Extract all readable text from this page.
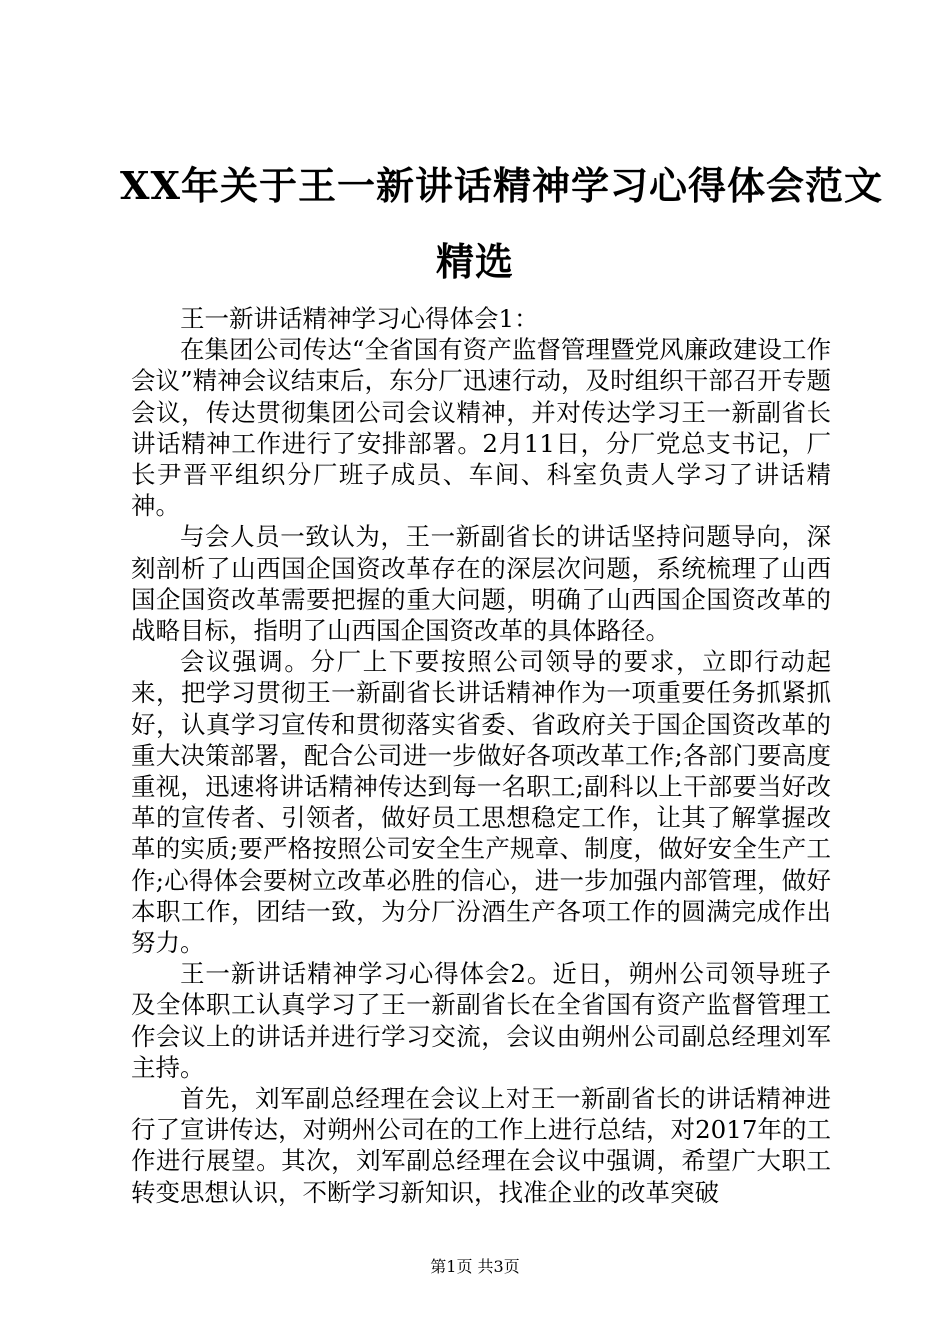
XX年关于王一新讲话精神学习心得体会范文
精选

王一新讲话精神学习心得体会1：

在集团公司传达“全省国有资产监督管理暨党风廉政建设工作会议”精神会议结束后，东分厂迅速行动，及时组织干部召开专题会议，传达贯彻集团公司会议精神，并对传达学习王一新副省长讲话精神工作进行了安排部署。2月11日，分厂党总支书记，厂长尹晋平组织分厂班子成员、车间、科室负责人学习了讲话精神。

与会人员一致认为，王一新副省长的讲话坚持问题导向，深刻剖析了山西国企国资改革存在的深层次问题，系统梳理了山西国企国资改革需要把握的重大问题，明确了山西国企国资改革的战略目标，指明了山西国企国资改革的具体路径。

会议强调。分厂上下要按照公司领导的要求，立即行动起来，把学习贯彻王一新副省长讲话精神作为一项重要任务抓紧抓好，认真学习宣传和贯彻落实省委、省政府关于国企国资改革的重大决策部署，配合公司进一步做好各项改革工作;各部门要高度重视，迅速将讲话精神传达到每一名职工;副科以上干部要当好改革的宣传者、引领者，做好员工思想稳定工作，让其了解掌握改革的实质;要严格按照公司安全生产规章、制度，做好安全生产工作;心得体会要树立改革必胜的信心，进一步加强内部管理，做好本职工作，团结一致，为分厂汾酒生产各项工作的圆满完成作出努力。

王一新讲话精神学习心得体会2。近日，朔州公司领导班子及全体职工认真学习了王一新副省长在全省国有资产监督管理工作会议上的讲话并进行学习交流，会议由朔州公司副总经理刘军主持。

首先，刘军副总经理在会议上对王一新副省长的讲话精神进行了宣讲传达，对朔州公司在的工作上进行总结，对2017年的工作进行展望。其次，刘军副总经理在会议中强调，希望广大职工转变思想认识，不断学习新知识，找准企业的改革突破

第1页 共3页
